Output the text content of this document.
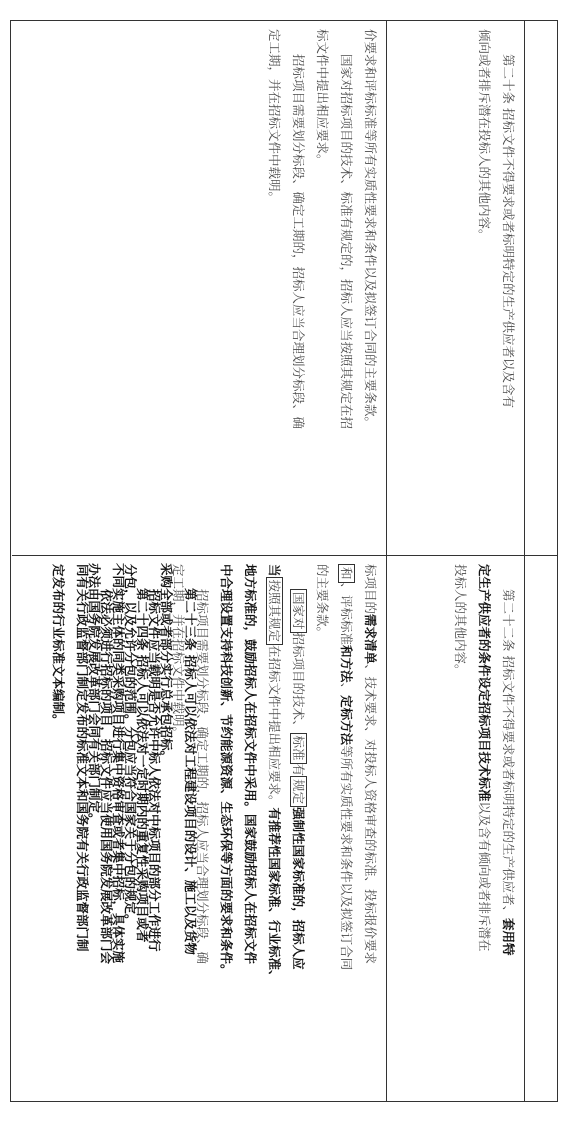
第二十条 招标文件不得要求或者标明特定的生产供应者以及含有

倾向或者排斥潜在投标人的其他内容。

第二十二条 招标文件不得要求或者标明特定的生产供应者、套用特

定生产供应者的条件设定招标项目技术标准以及含有倾向或者排斥潜在

投标人的其他内容。

价要求和评标标准等所有实质性要求和条件以及拟签订合同的主要条款。

国家对招标项目的技术、标准有规定的，招标人应当按照其规定在招

标文件中提出相应要求。

招标项目需要划分标段、确定工期的，招标人应当合理划分标段、确

定工期，并在招标文件中载明。

标项目的需求清单、技术要求、对投标人资格审查的标准、投标报价要求

和、评标标准和方法、定标方法等所有实质性要求和条件以及拟签订合同

的主要条款。

国家对招标项目的技术、标准有规定强制性国家标准的，招标人应

当按照其规定在招标文件中提出相应要求。有推荐性国家标准、行业标准、

地方标准的，鼓励招标人在招标文件中采用。国家鼓励招标人在招标文件

中合理设置支持科技创新、节约能源资源、生态环保等方面的要求和条件。

招标项目需要划分标段、确定工期的，招标人应当合理划分标段、确

定工期，并在招标文件中载明。

招标文件应当载明是否允许中标人依法对中标项目的部分工作进行

分包，以及允许分包的范围。分包应当符合国家关于分包的规定。

依法必须进行招标的项目，招标文件应当使用国务院发展改革部门会

同有关行政监督部门制定发布的标准文本和国务院有关行政监督部门制

定发布的行业标准文本编制。	第二十三条 招标人可以依法对工程建设项目的设计、施工以及货物

采购全部或者部分实行总承包招标。

第二十四条 招标人可以依法对一定时期内的重复性采购项目或者

不同实施主体的同类采购项目进行集中资格审查或者集中招标，具体实施

办法由国务院发展改革部门会同有关部门制定。
